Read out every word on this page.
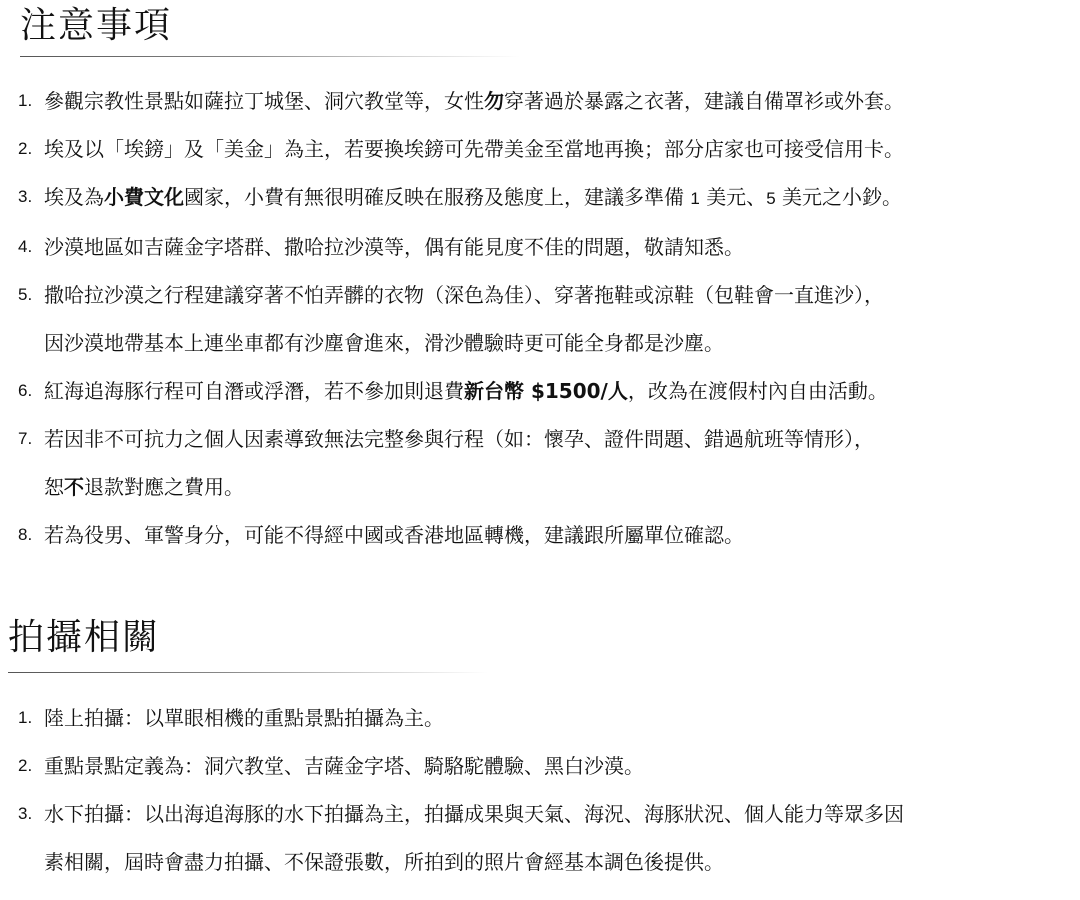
注意事項
1. 參觀宗教性景點如薩拉丁城堡、洞穴教堂等，女性勿穿著過於暴露之衣著，建議自備罩衫或外套。
2. 埃及以「埃鎊」及「美金」為主，若要換埃鎊可先帶美金至當地再換；部分店家也可接受信用卡。
3. 埃及為小費文化國家，小費有無很明確反映在服務及態度上，建議多準備 1 美元、5 美元之小鈔。
4. 沙漠地區如吉薩金字塔群、撒哈拉沙漠等，偶有能見度不佳的問題，敬請知悉。
5. 撒哈拉沙漠之行程建議穿著不怕弄髒的衣物（深色為佳）、穿著拖鞋或涼鞋（包鞋會一直進沙），
因沙漠地帶基本上連坐車都有沙塵會進來，滑沙體驗時更可能全身都是沙塵。
6. 紅海追海豚行程可自潛或浮潛，若不參加則退費新台幣 $1500/人，改為在渡假村內自由活動。
7. 若因非不可抗力之個人因素導致無法完整參與行程（如：懷孕、證件問題、錯過航班等情形），
恕不退款對應之費用。
8. 若為役男、軍警身分，可能不得經中國或香港地區轉機，建議跟所屬單位確認。
拍攝相關
1. 陸上拍攝：以單眼相機的重點景點拍攝為主。
2. 重點景點定義為：洞穴教堂、吉薩金字塔、騎駱駝體驗、黑白沙漠。
3. 水下拍攝：以出海追海豚的水下拍攝為主，拍攝成果與天氣、海況、海豚狀況、個人能力等眾多因
素相關，屆時會盡力拍攝、不保證張數，所拍到的照片會經基本調色後提供。
